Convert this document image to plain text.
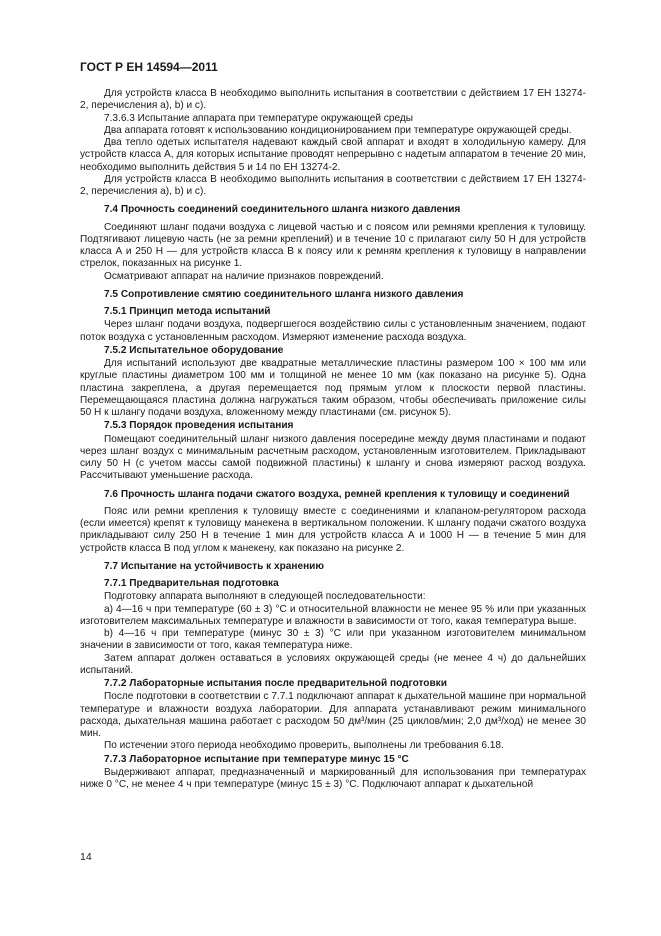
ГОСТ Р ЕН 14594—2011
Для устройств класса В необходимо выполнить испытания в соответствии с действием 17 ЕН 13274-2, перечисления а), b) и с).
7.3.6.3 Испытание аппарата при температуре окружающей среды
Два аппарата готовят к использованию кондиционированием при температуре окружающей среды.
Два тепло одетых испытателя надевают каждый свой аппарат и входят в холодильную камеру. Для устройств класса А, для которых испытание проводят непрерывно с надетым аппаратом в течение 20 мин, необходимо выполнить действия 5 и 14 по ЕН 13274-2.
Для устройств класса В необходимо выполнить испытания в соответствии с действием 17 ЕН 13274-2, перечисления а), b) и с).
7.4 Прочность соединений соединительного шланга низкого давления
Соединяют шланг подачи воздуха с лицевой частью и с поясом или ремнями крепления к туловищу. Подтягивают лицевую часть (не за ремни креплений) и в течение 10 с прилагают силу 50 Н для устройств класса А и 250 Н — для устройств класса В к поясу или к ремням крепления к туловищу в направлении стрелок, показанных на рисунке 1.
Осматривают аппарат на наличие признаков повреждений.
7.5 Сопротивление смятию соединительного шланга низкого давления
7.5.1 Принцип метода испытаний
Через шланг подачи воздуха, подвергшегося воздействию силы с установленным значением, подают поток воздуха с установленным расходом. Измеряют изменение расхода воздуха.
7.5.2 Испытательное оборудование
Для испытаний используют две квадратные металлические пластины размером 100 × 100 мм или круглые пластины диаметром 100 мм и толщиной не менее 10 мм (как показано на рисунке 5). Одна пластина закреплена, а другая перемещается под прямым углом к плоскости первой пластины. Перемещающаяся пластина должна нагружаться таким образом, чтобы обеспечивать приложение силы 50 Н к шлангу подачи воздуха, вложенному между пластинами (см. рисунок 5).
7.5.3 Порядок проведения испытания
Помещают соединительный шланг низкого давления посередине между двумя пластинами и подают через шланг воздух с минимальным расчетным расходом, установленным изготовителем. Прикладывают силу 50 Н (с учетом массы самой подвижной пластины) к шлангу и снова измеряют расход воздуха. Рассчитывают уменьшение расхода.
7.6 Прочность шланга подачи сжатого воздуха, ремней крепления к туловищу и соединений
Пояс или ремни крепления к туловищу вместе с соединениями и клапаном-регулятором расхода (если имеется) крепят к туловищу манекена в вертикальном положении. К шлангу подачи сжатого воздуха прикладывают силу 250 Н в течение 1 мин для устройств класса А и 1000 Н — в течение 5 мин для устройств класса В под углом к манекену, как показано на рисунке 2.
7.7 Испытание на устойчивость к хранению
7.7.1 Предварительная подготовка
Подготовку аппарата выполняют в следующей последовательности:
а) 4—16 ч при температуре (60 ± 3) °С и относительной влажности не менее 95 % или при указанных изготовителем максимальных температуре и влажности в зависимости от того, какая температура выше.
b) 4—16 ч при температуре (минус 30 ± 3) °С или при указанном изготовителем минимальном значении в зависимости от того, какая температура ниже.
Затем аппарат должен оставаться в условиях окружающей среды (не менее 4 ч) до дальнейших испытаний.
7.7.2 Лабораторные испытания после предварительной подготовки
После подготовки в соответствии с 7.7.1 подключают аппарат к дыхательной машине при нормальной температуре и влажности воздуха лаборатории. Для аппарата устанавливают режим минимального расхода, дыхательная машина работает с расходом 50 дм³/мин (25 циклов/мин; 2,0 дм³/ход) не менее 30 мин.
По истечении этого периода необходимо проверить, выполнены ли требования 6.18.
7.7.3 Лабораторное испытание при температуре минус 15 °С
Выдерживают аппарат, предназначенный и маркированный для использования при температурах ниже 0 °С, не менее 4 ч при температуре (минус 15 ± 3) °С. Подключают аппарат к дыхательной
14
